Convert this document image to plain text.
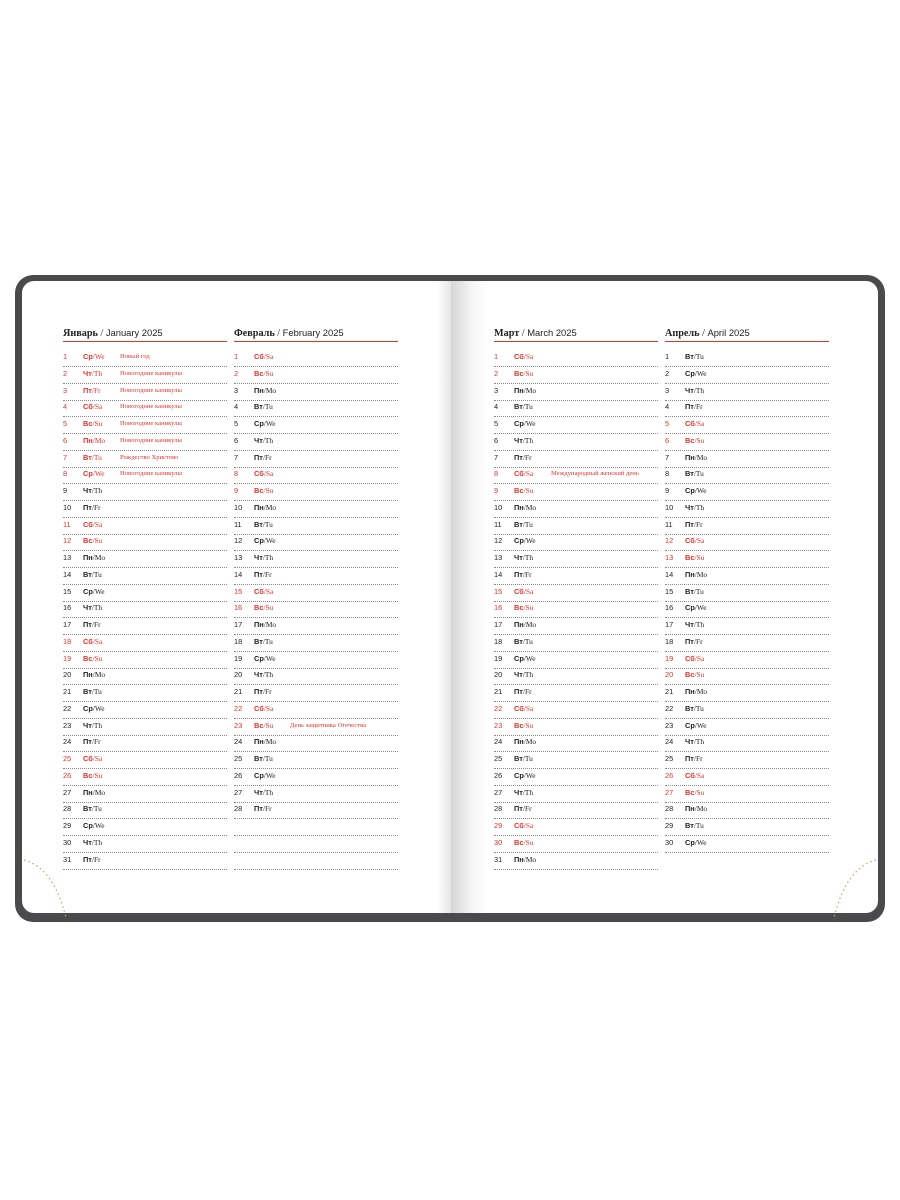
Январь / January 2025
1 Ср/We Новый год
2 Чт/Th	Новогодние каникулы
3 Пт/Fr	Новогодние каникулы
4 Сб/Sa	Новогодние каникулы
5 Вс/Su	Новогодние каникулы
6 Пн/Mo Новогодние каникулы
7 Вт/Tu	Рождество Христово
8 Ср/We Новогодние каникулы
9 Чт/Th
10 Пт/Fr
11 Сб/Sa
12 Вс/Su
13 Пн/Mo
14 Вт/Tu
15 Ср/We
16 Чт/Th
17 Пт/Fr
18 Сб/Sa
19 Вс/Su
20 Пн/Mo
21 Вт/Tu
22 Ср/We
23 Чт/Th
24 Пт/Fr
25 Сб/Sa
26 Вс/Su
27 Пн/Mo
28 Вт/Tu
29 Ср/We
30 Чт/Th
31 Пт/Fr
Февраль / February 2025
1 Сб/Sa
2 Вс/Su
3 Пн/Mo
4 Вт/Tu
5 Ср/We
6 Чт/Th
7 Пт/Fr
8 Сб/Sa
9 Вс/Su
10 Пн/Mo
11 Вт/Tu
12 Ср/We
13 Чт/Th
14 Пт/Fr
15 Сб/Sa
16 Вс/Su
17 Пн/Mo
18 Вт/Tu
19 Ср/We
20 Чт/Th
21 Пт/Fr
22 Сб/Sa
23 Вс/Su	День защитника Отечества
24 Пн/Mo
25 Вт/Tu
26 Ср/We
27 Чт/Th
28 Пт/Fr
Март / March 2025
1 Сб/Sa
2 Вс/Su
3 Пн/Mo
4 Вт/Tu
5 Ср/We
6 Чт/Th
7 Пт/Fr
8 Сб/Sa	Международный женский день
9 Вс/Su
10 Пн/Mo
11 Вт/Tu
12 Ср/We
13 Чт/Th
14 Пт/Fr
15 Сб/Sa
16 Вс/Su
17 Пн/Mo
18 Вт/Tu
19 Ср/We
20 Чт/Th
21 Пт/Fr
22 Сб/Sa
23 Вс/Su
24 Пн/Mo
25 Вт/Tu
26 Ср/We
27 Чт/Th
28 Пт/Fr
29 Сб/Sa
30 Вс/Su
31 Пн/Mo
Апрель / April 2025
1 Вт/Tu
2 Ср/We
3 Чт/Th
4 Пт/Fr
5 Сб/Sa
6 Вс/Su
7 Пн/Mo
8 Вт/Tu
9 Ср/We
10 Чт/Th
11 Пт/Fr
12 Сб/Sa
13 Вс/Su
14 Пн/Mo
15 Вт/Tu
16 Ср/We
17 Чт/Th
18 Пт/Fr
19 Сб/Sa
20 Вс/Su
21 Пн/Mo
22 Вт/Tu
23 Ср/We
24 Чт/Th
25 Пт/Fr
26 Сб/Sa
27 Вс/Su
28 Пн/Mo
29 Вт/Tu
30 Ср/We
